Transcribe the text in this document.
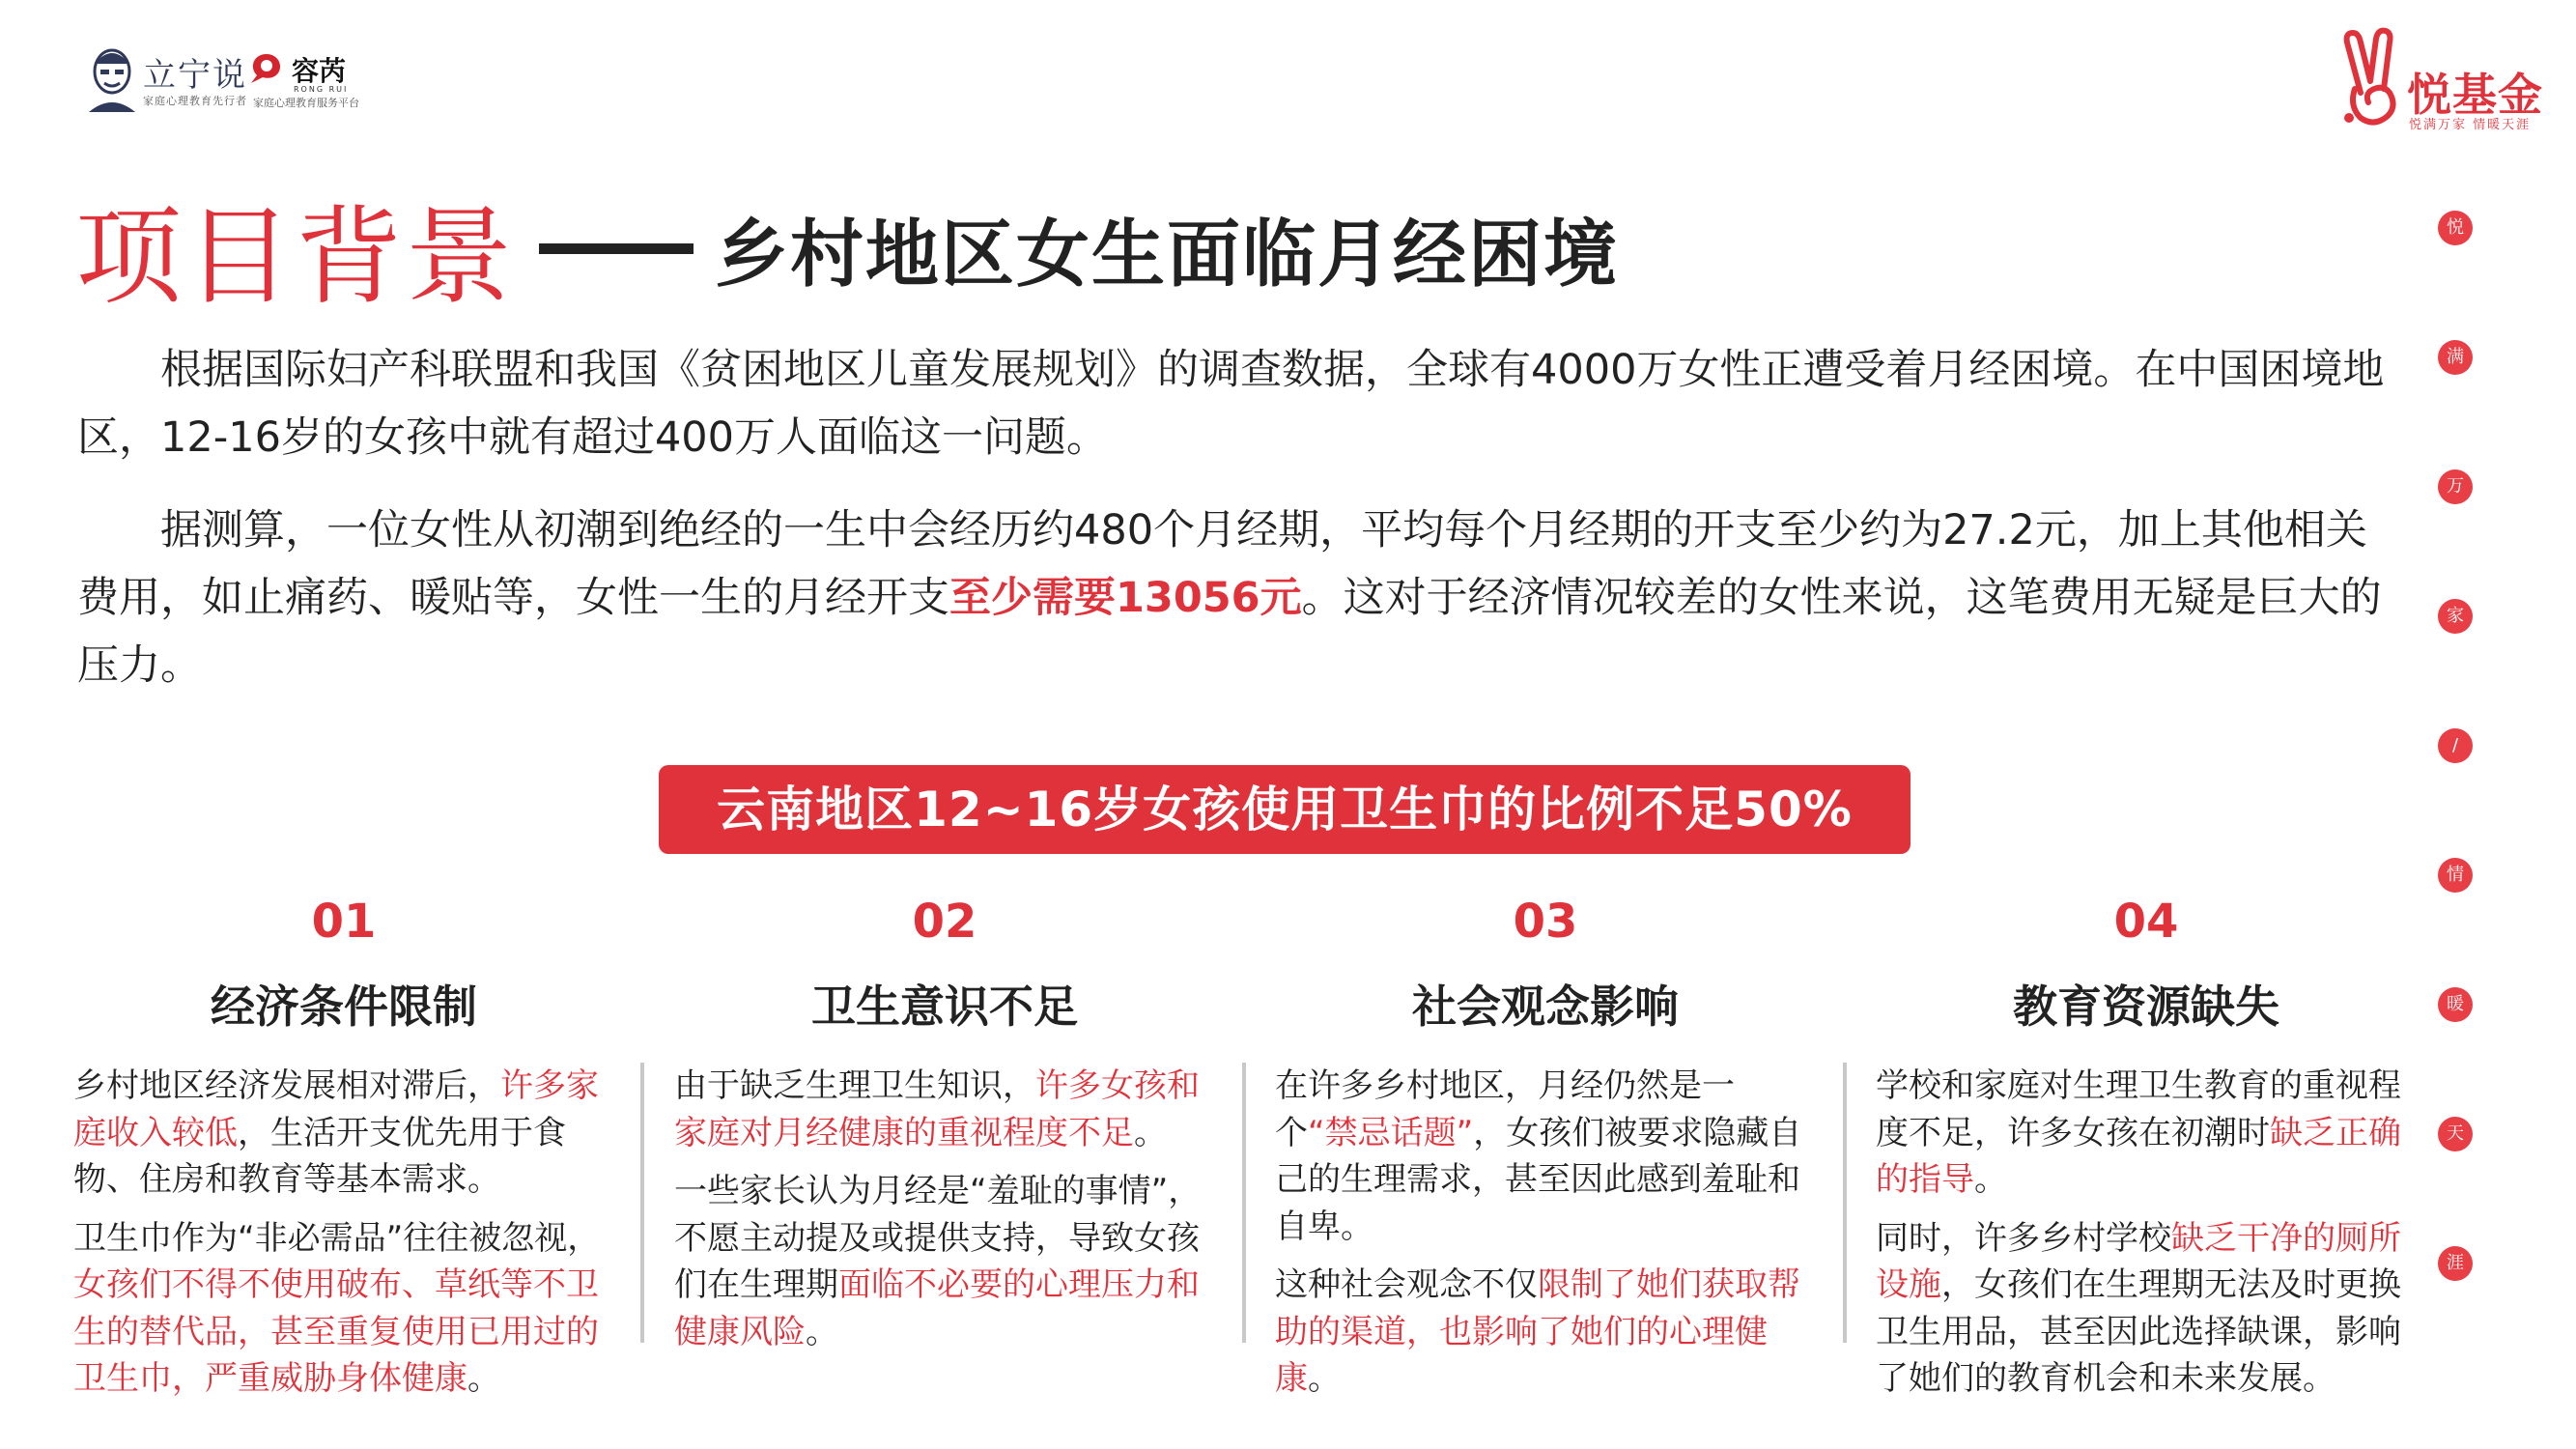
立宁说
家庭心理教育先行者
容芮
RONG RUI
家庭心理教育服务平台	悦基金
悦满万家 情暖天涯
悦
满
万
家
/
情
暖
天
涯
项目背景	乡村地区女生面临月经困境
根据国际妇产科联盟和我国《贫困地区儿童发展规划》的调查数据，全球有4000万女性正遭受着月经困境。在中国困境地区，12-16岁的女孩中就有超过400万人面临这一问题。
据测算，一位女性从初潮到绝经的一生中会经历约480个月经期，平均每个月经期的开支至少约为27.2元，加上其他相关费用，如止痛药、暖贴等，女性一生的月经开支至少需要13056元。这对于经济情况较差的女性来说，这笔费用无疑是巨大的压力。
云南地区12~16岁女孩使用卫生巾的比例不足50%
01
经济条件限制

乡村地区经济发展相对滞后，许多家庭收入较低，生活开支优先用于食物、住房和教育等基本需求。

卫生巾作为“非必需品”往往被忽视，女孩们不得不使用破布、草纸等不卫生的替代品，甚至重复使用已用过的卫生巾，严重威胁身体健康。

02
卫生意识不足

由于缺乏生理卫生知识，许多女孩和家庭对月经健康的重视程度不足。

一些家长认为月经是“羞耻的事情”，不愿主动提及或提供支持，导致女孩们在生理期面临不必要的心理压力和健康风险。

03
社会观念影响

在许多乡村地区，月经仍然是一个“禁忌话题”，女孩们被要求隐藏自己的生理需求，甚至因此感到羞耻和自卑。

这种社会观念不仅限制了她们获取帮助的渠道，也影响了她们的心理健康。

04
教育资源缺失

学校和家庭对生理卫生教育的重视程度不足，许多女孩在初潮时缺乏正确的指导。

同时，许多乡村学校缺乏干净的厕所设施，女孩们在生理期无法及时更换卫生用品，甚至因此选择缺课，影响了她们的教育机会和未来发展。
